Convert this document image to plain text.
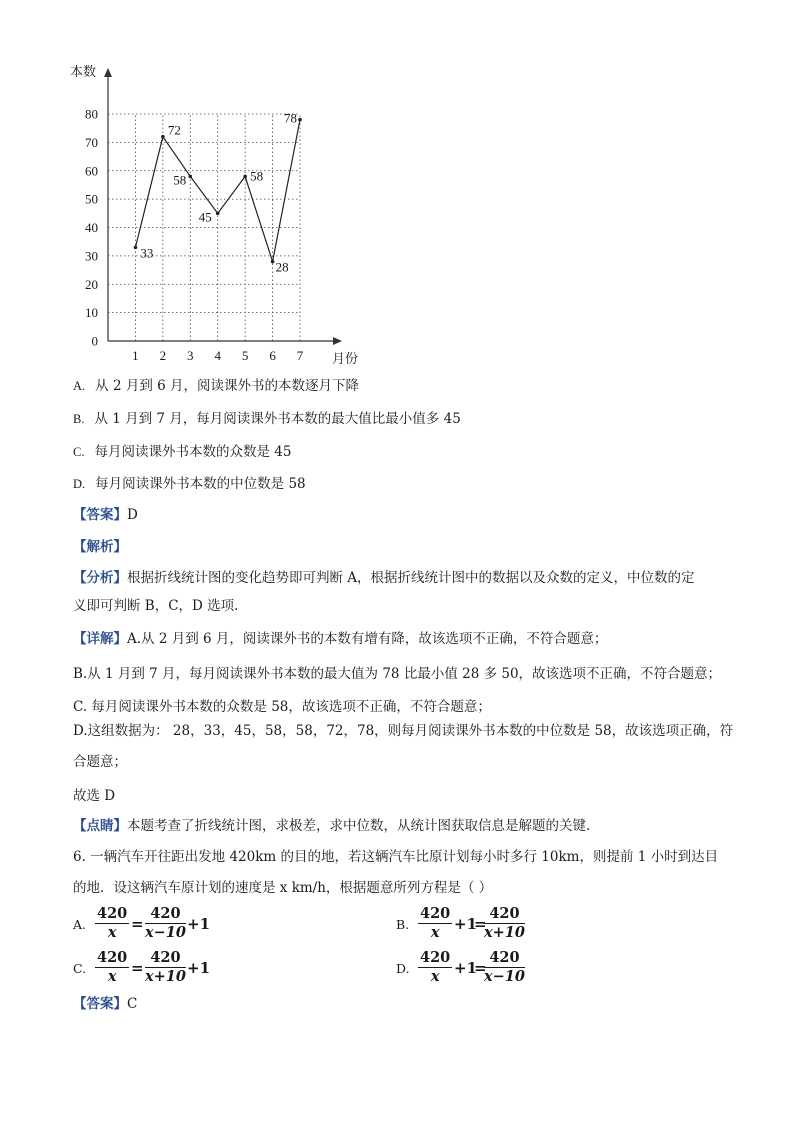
本数
月份
0
10
20
30
40
50
60
70
80
1 2 3 4 5 6 7
33
72
58
45
58
28
78
A. 从 2 月到 6 月，阅读课外书的本数逐月下降
B. 从 1 月到 7 月，每月阅读课外书本数的最大值比最小值多 45
C. 每月阅读课外书本数的众数是 45
D. 每月阅读课外书本数的中位数是 58
【答案】D
【解析】
【分析】根据折线统计图的变化趋势即可判断 A，根据折线统计图中的数据以及众数的定义，中位数的定
义即可判断 B，C，D 选项.
【详解】A.从 2 月到 6 月，阅读课外书的本数有增有降，故该选项不正确，不符合题意；
B.从 1 月到 7 月，每月阅读课外书本数的最大值为 78 比最小值 28 多 50，故该选项不正确，不符合题意；
C. 每月阅读课外书本数的众数是 58，故该选项不正确，不符合题意；
D.这组数据为： 28，33，45，58，58，72，78，则每月阅读课外书本数的中位数是 58，故该选项正确，符
合题意；
故选 D
【点睛】本题考查了折线统计图，求极差，求中位数，从统计图获取信息是解题的关键.
6. 一辆汽车开往距出发地 420km 的目的地，若这辆汽车比原计划每小时多行 10km，则提前 1 小时到达目
的地．设这辆汽车原计划的速度是 x km/h，根据题意所列方程是（ ）
A. $\frac{420}{x} = \frac{420}{x-10} +1$	B. $\frac{420}{x} +1$
=
$\frac{420}{x+10}$
C. $\frac{420}{x} = \frac{420}{x+10} +1$	D. $\frac{420}{x} +1$
=
$\frac{420}{x-10}$
【答案】C
